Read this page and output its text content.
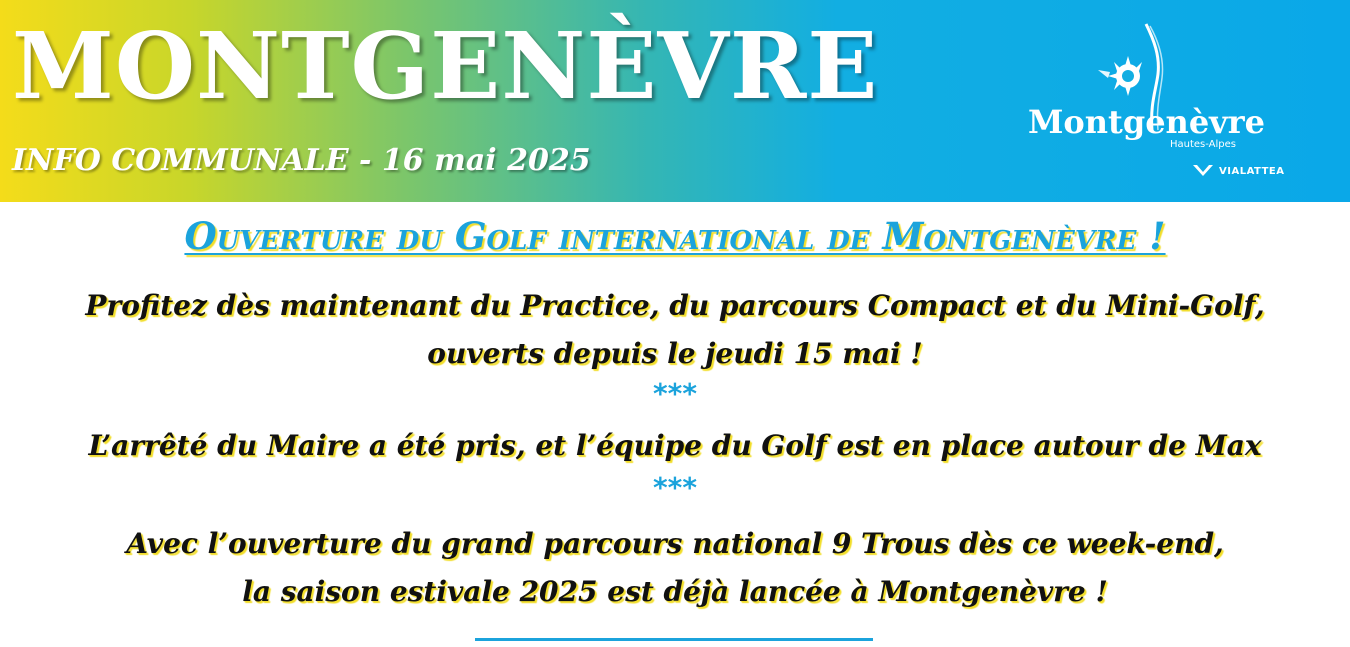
MONTGENÈVRE
INFO COMMUNALE - 16 mai 2025
Montgenèvre
Hautes-Alpes
VIALATTEA
Ouverture du Golf international de Montgenèvre !
Profitez dès maintenant du Practice, du parcours Compact et du Mini-Golf,
ouverts depuis le jeudi 15 mai !
***
L’arrêté du Maire a été pris, et l’équipe du Golf est en place autour de Max
***
Avec l’ouverture du grand parcours national 9 Trous dès ce week-end,
la saison estivale 2025 est déjà lancée à Montgenèvre !
